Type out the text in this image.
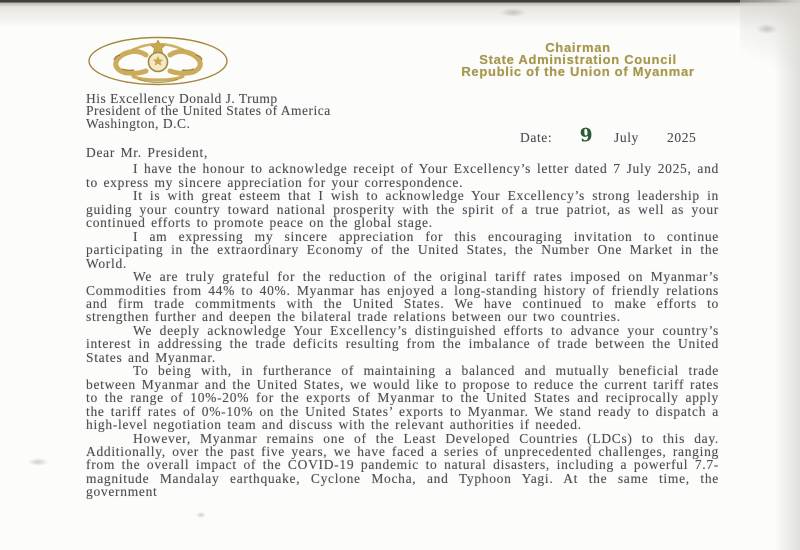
Chairman
State Administration Council
Republic of the Union of Myanmar
His Excellency Donald J. Trump
President of the United States of America
Washington, D.C.
Date: 9 July 2025

Dear Mr. President,

I have the honour to acknowledge receipt of Your Excellency’s letter dated 7 July 2025, and to express my sincere appreciation for your correspondence.

It is with great esteem that I wish to acknowledge Your Excellency’s strong leadership in guiding your country toward national prosperity with the spirit of a true patriot, as well as your continued efforts to promote peace on the global stage.

I am expressing my sincere appreciation for this encouraging invitation to continue participating in the extraordinary Economy of the United States, the Number One Market in the World.

We are truly grateful for the reduction of the original tariff rates imposed on Myanmar’s Commodities from 44% to 40%. Myanmar has enjoyed a long-standing history of friendly relations and firm trade commitments with the United States. We have continued to make efforts to strengthen further and deepen the bilateral trade relations between our two countries.

We deeply acknowledge Your Excellency’s distinguished efforts to advance your country’s interest in addressing the trade deficits resulting from the imbalance of trade between the United States and Myanmar.

To being with, in furtherance of maintaining a balanced and mutually beneficial trade between Myanmar and the United States, we would like to propose to reduce the current tariff rates to the range of 10%-20% for the exports of Myanmar to the United States and reciprocally apply the tariff rates of 0%-10% on the United States’ exports to Myanmar. We stand ready to dispatch a high-level negotiation team and discuss with the relevant authorities if needed.

However, Myanmar remains one of the Least Developed Countries (LDCs) to this day. Additionally, over the past five years, we have faced a series of unprecedented challenges, ranging from the overall impact of the COVID-19 pandemic to natural disasters, including a powerful 7.7-magnitude Mandalay earthquake, Cyclone Mocha, and Typhoon Yagi. At the same time, the government
